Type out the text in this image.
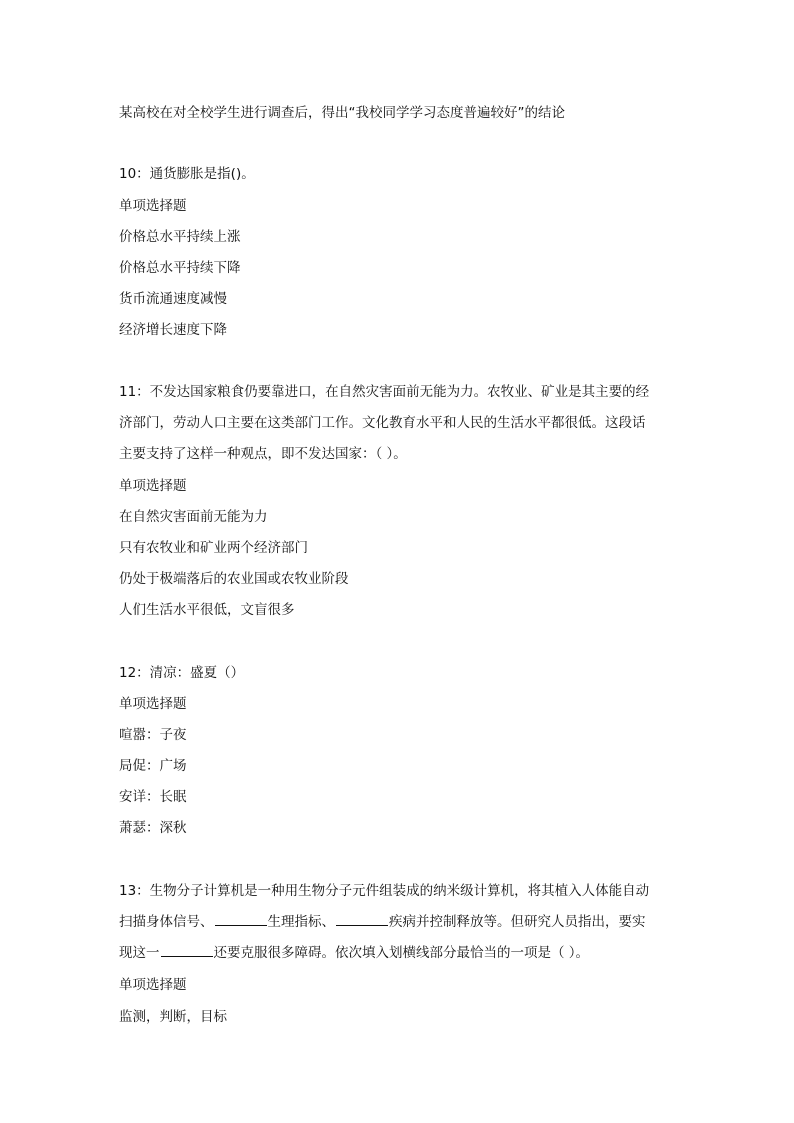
某高校在对全校学生进行调查后，得出“我校同学学习态度普遍较好”的结论
10：通货膨胀是指()。
单项选择题
价格总水平持续上涨
价格总水平持续下降
货币流通速度减慢
经济增长速度下降
11：不发达国家粮食仍要靠进口，在自然灾害面前无能为力。农牧业、矿业是其主要的经
济部门，劳动人口主要在这类部门工作。文化教育水平和人民的生活水平都很低。这段话
主要支持了这样一种观点，即不发达国家：（ ）。
单项选择题
在自然灾害面前无能为力
只有农牧业和矿业两个经济部门
仍处于极端落后的农业国或农牧业阶段
人们生活水平很低，文盲很多
12：清凉：盛夏（）
单项选择题
喧嚣：子夜
局促：广场
安详：长眠
萧瑟：深秋
13：生物分子计算机是一种用生物分子元件组装成的纳米级计算机，将其植入人体能自动
扫描身体信号、	生理指标、	疾病并控制释放等。但研究人员指出，要实
现这一	还要克服很多障碍。依次填入划横线部分最恰当的一项是（ ）。
单项选择题
监测，判断，目标
